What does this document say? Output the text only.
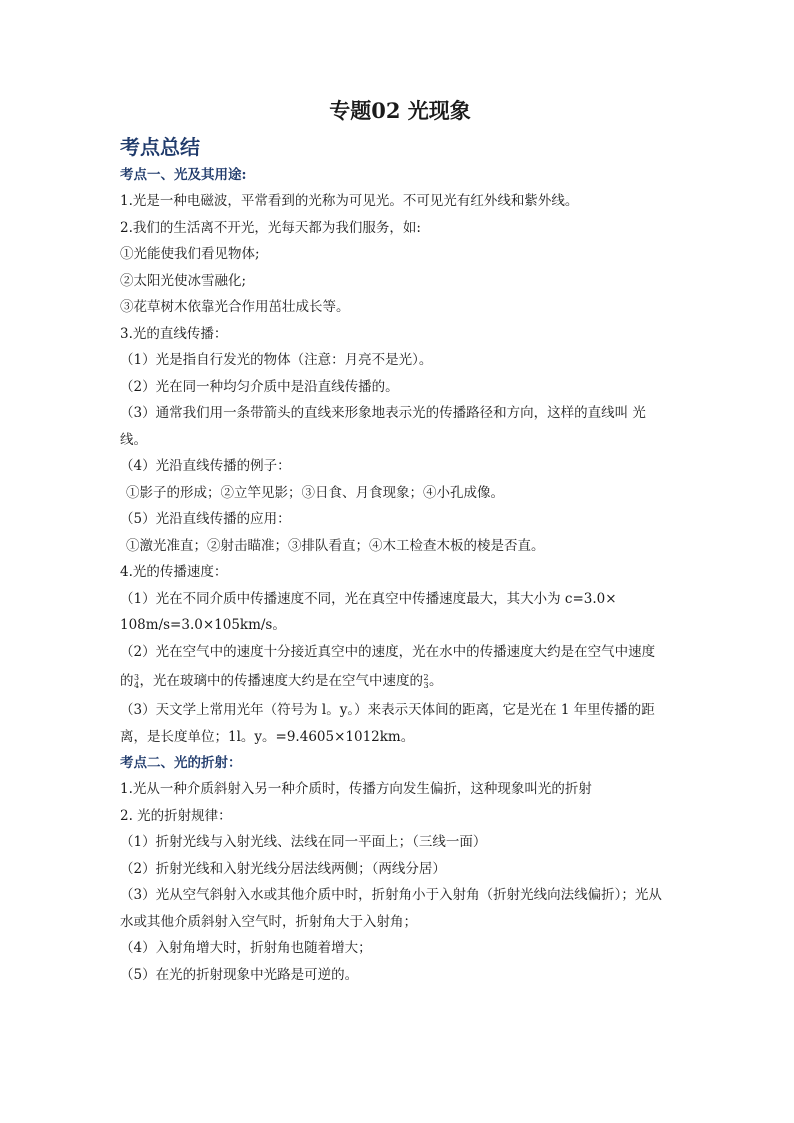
专题02 光现象
考点总结
考点一、光及其用途:

1.光是一种电磁波，平常看到的光称为可见光。不可见光有红外线和紫外线。

2.我们的生活离不开光，光每天都为我们服务，如:

①光能使我们看见物体;

②太阳光使冰雪融化;

③花草树木依靠光合作用茁壮成长等。

3.光的直线传播：

（1）光是指自行发光的物体（注意：月亮不是光）。

（2）光在同一种均匀介质中是沿直线传播的。

（3）通常我们用一条带箭头的直线来形象地表示光的传播路径和方向，这样的直线叫 光

线。

（4）光沿直线传播的例子：

①影子的形成；②立竿见影；③日食、月食现象；④小孔成像。

（5）光沿直线传播的应用：

①激光准直；②射击瞄准；③排队看直；④木工检查木板的棱是否直。

4.光的传播速度：

（1）光在不同介质中传播速度不同，光在真空中传播速度最大，其大小为 c=3.0×

108m/s=3.0×105km/s。

（2）光在空气中的速度十分接近真空中的速度，光在水中的传播速度大约是在空气中速度

的 3
4 ，光在玻璃中的传播速度大约是在空气中速度的 2
3 。

（3）天文学上常用光年（符号为 l。y。）来表示天体间的距离，它是光在 1 年里传播的距

离，是长度单位；1l。y。=9.4605×1012km。

考点二、光的折射：

1.光从一种介质斜射入另一种介质时，传播方向发生偏折，这种现象叫光的折射

2. 光的折射规律：

（1）折射光线与入射光线、法线在同一平面上；（三线一面）

（2）折射光线和入射光线分居法线两侧；（两线分居）

（3）光从空气斜射入水或其他介质中时，折射角小于入射角（折射光线向法线偏折）；光从

水或其他介质斜射入空气时，折射角大于入射角；

（4）入射角增大时，折射角也随着增大；

（5）在光的折射现象中光路是可逆的。
